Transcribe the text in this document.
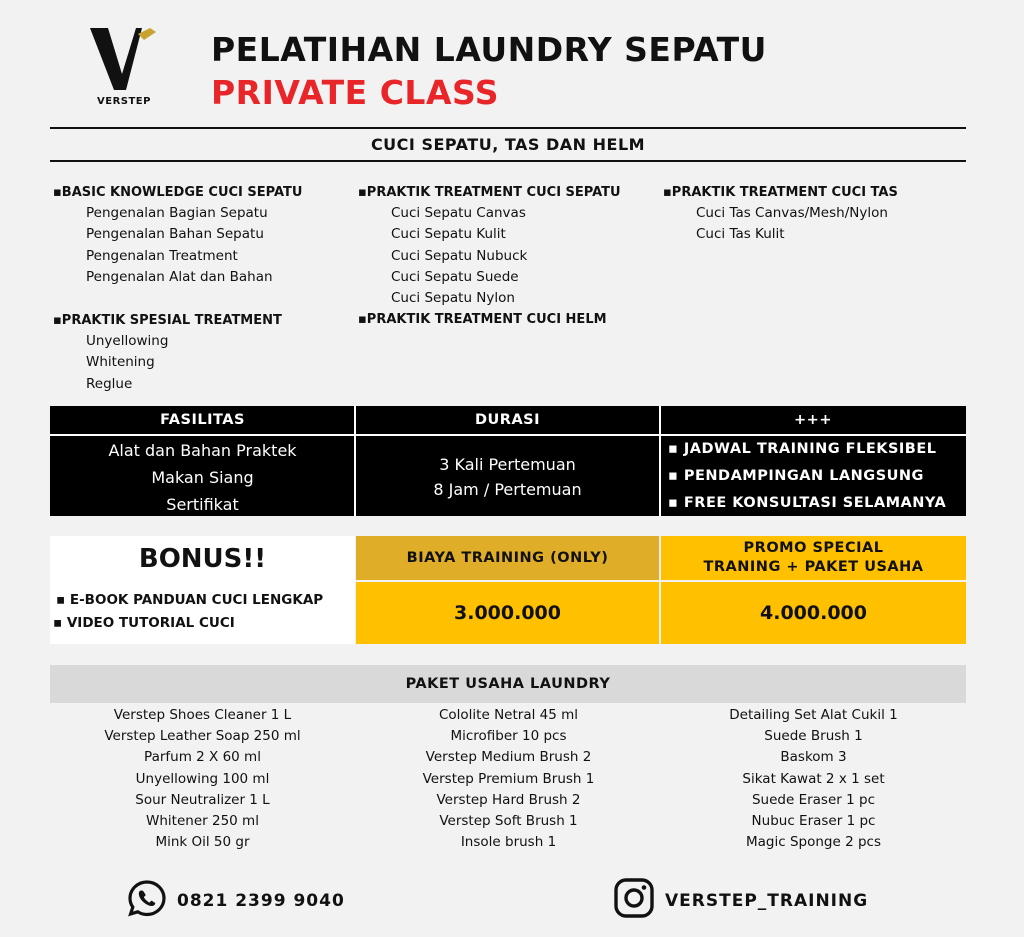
VERSTEP
PELATIHAN LAUNDRY SEPATU
PRIVATE CLASS
CUCI SEPATU, TAS DAN HELM
▪BASIC KNOWLEDGE CUCI SEPATU
Pengenalan Bagian Sepatu
Pengenalan Bahan Sepatu
Pengenalan Treatment
Pengenalan Alat dan Bahan
▪PRAKTIK SPESIAL TREATMENT
Unyellowing
Whitening
Reglue
▪PRAKTIK TREATMENT CUCI SEPATU
Cuci Sepatu Canvas
Cuci Sepatu Kulit
Cuci Sepatu Nubuck
Cuci Sepatu Suede
Cuci Sepatu Nylon
▪PRAKTIK TREATMENT CUCI HELM
▪PRAKTIK TREATMENT CUCI TAS
Cuci Tas Canvas/Mesh/Nylon
Cuci Tas Kulit
FASILITAS
Alat dan Bahan Praktek
Makan Siang
Sertifikat
DURASI
3 Kali Pertemuan
8 Jam / Pertemuan
+++
▪ JADWAL TRAINING FLEKSIBEL
▪ PENDAMPINGAN LANGSUNG
▪ FREE KONSULTASI SELAMANYA
BONUS!!
▪ E-BOOK PANDUAN CUCI LENGKAP
▪ VIDEO TUTORIAL CUCI
BIAYA TRAINING (ONLY)
PROMO SPECIAL
TRANING + PAKET USAHA
3.000.000	4.000.000
PAKET USAHA LAUNDRY
Verstep Shoes Cleaner 1 L
Verstep Leather Soap 250 ml
Parfum 2 X 60 ml
Unyellowing 100 ml
Sour Neutralizer 1 L
Whitener 250 ml
Mink Oil 50 gr
Cololite Netral 45 ml
Microfiber 10 pcs
Verstep Medium Brush 2
Verstep Premium Brush 1
Verstep Hard Brush 2
Verstep Soft Brush 1
Insole brush 1
Detailing Set Alat Cukil 1
Suede Brush 1
Baskom 3
Sikat Kawat 2 x 1 set
Suede Eraser 1 pc
Nubuc Eraser 1 pc
Magic Sponge 2 pcs
0821 2399 9040	VERSTEP_TRAINING
